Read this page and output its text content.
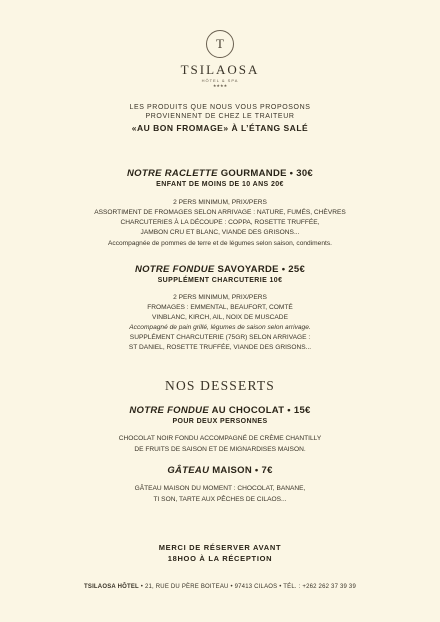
T
TSILAOSA
HÔTEL & SPA
★★★★
LES PRODUITS QUE NOUS VOUS PROPOSONS
PROVIENNENT DE CHEZ LE TRAITEUR
«AU BON FROMAGE» À L’ÉTANG SALÉ
NOTRE RACLETTE GOURMANDE • 30€
ENFANT DE MOINS DE 10 ANS 20€
2 PERS MINIMUM, PRIX/PERS
ASSORTIMENT DE FROMAGES SELON ARRIVAGE : NATURE, FUMÉS, CHÈVRES
CHARCUTERIES À LA DÉCOUPE : COPPA, ROSETTE TRUFFÉE,
JAMBON CRU ET BLANC, VIANDE DES GRISONS...
Accompagnée de pommes de terre et de légumes selon saison, condiments.
NOTRE FONDUE SAVOYARDE • 25€
SUPPLÉMENT CHARCUTERIE 10€
2 PERS MINIMUM, PRIX/PERS
FROMAGES : EMMENTAL, BEAUFORT, COMTÉ
VINBLANC, KIRCH, AIL, NOIX DE MUSCADE
Accompagné de pain grillé, légumes de saison selon arrivage.
SUPPLÉMENT CHARCUTERIE (75GR) SELON ARRIVAGE :
ST DANIEL, ROSETTE TRUFFÉE, VIANDE DES GRISONS...
NOS DESSERTS
NOTRE FONDUE AU CHOCOLAT • 15€
POUR DEUX PERSONNES
CHOCOLAT NOIR FONDU ACCOMPAGNÉ DE CRÈME CHANTILLY
DE FRUITS DE SAISON ET DE MIGNARDISES MAISON.
GÂTEAU MAISON • 7€
GÂTEAU MAISON DU MOMENT : CHOCOLAT, BANANE,
TI SON, TARTE AUX PÊCHES DE CILAOS...
MERCI DE RÉSERVER AVANT
18HOO À LA RÉCEPTION
TSILAOSA HÔTEL • 21, RUE DU PÈRE BOITEAU • 97413 CILAOS • TÉL. : +262 262 37 39 39
